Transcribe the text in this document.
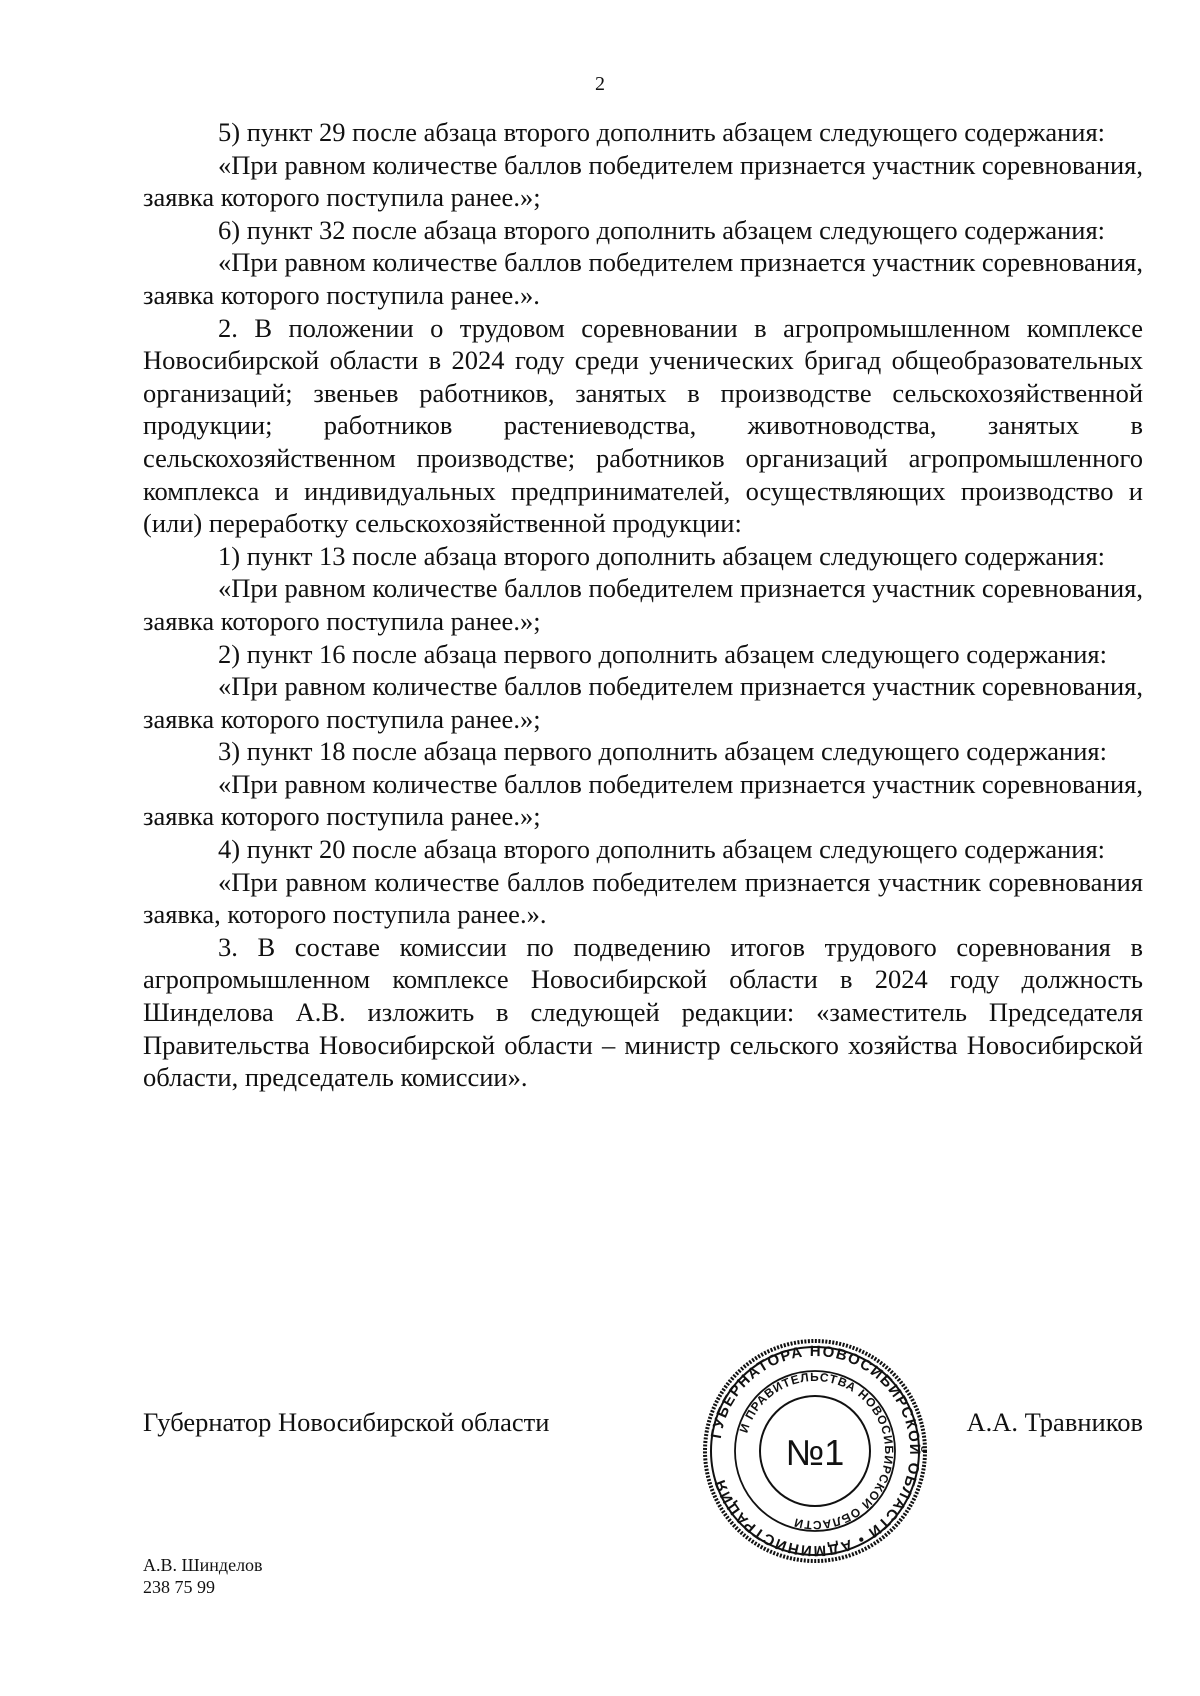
2

5) пункт 29 после абзаца второго дополнить абзацем следующего содержания:

«При равном количестве баллов победителем признается участник соревнования, заявка которого поступила ранее.»;

6) пункт 32 после абзаца второго дополнить абзацем следующего содержания:

«При равном количестве баллов победителем признается участник соревнования, заявка которого поступила ранее.».

2. В положении о трудовом соревновании в агропромышленном комплексе Новосибирской области в 2024 году среди ученических бригад общеобразовательных организаций; звеньев работников, занятых в производстве сельскохозяйственной продукции; работников растениеводства, животноводства, занятых в сельскохозяйственном производстве; работников организаций агропромышленного комплекса и индивидуальных предпринимателей, осуществляющих производство и (или) переработку сельскохозяйственной продукции:

1) пункт 13 после абзаца второго дополнить абзацем следующего содержания:

«При равном количестве баллов победителем признается участник соревнования, заявка которого поступила ранее.»;

2) пункт 16 после абзаца первого дополнить абзацем следующего содержания:

«При равном количестве баллов победителем признается участник соревнования, заявка которого поступила ранее.»;

3) пункт 18 после абзаца первого дополнить абзацем следующего содержания:

«При равном количестве баллов победителем признается участник соревнования, заявка которого поступила ранее.»;

4) пункт 20 после абзаца второго дополнить абзацем следующего содержания:

«При равном количестве баллов победителем признается участник соревнования заявка, которого поступила ранее.».

3. В составе комиссии по подведению итогов трудового соревнования в агропромышленном комплексе Новосибирской области в 2024 году должность Шинделова А.В. изложить в следующей редакции: «заместитель Председателя Правительства Новосибирской области – министр сельского хозяйства Новосибирской области, председатель комиссии».

Губернатор Новосибирской области	А.А. Травников
ГУБЕРНАТОРА НОВОСИБИРСКОЙ ОБЛАСТИ • АДМИНИСТРАЦИЯ
И ПРАВИТЕЛЬСТВА НОВОСИБИРСКОЙ ОБЛАСТИ
№1
А.В. Шинделов
238 75 99
